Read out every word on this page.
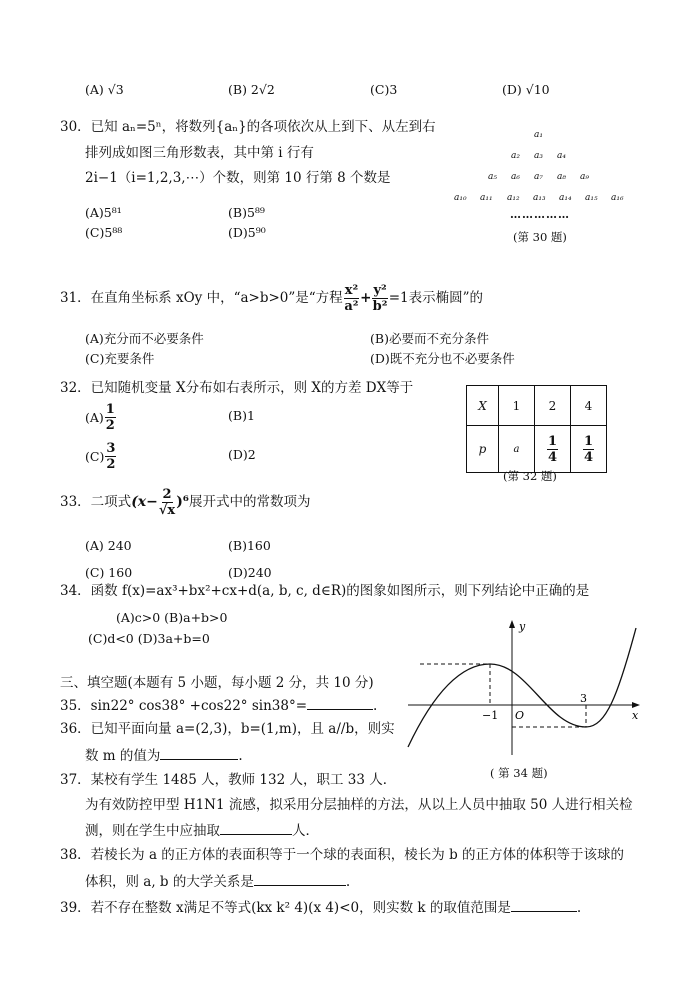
(A) √3	(B) 2√2	(C)3	(D) √10
30．已知 aₙ=5ⁿ，将数列{aₙ}的各项依次从上到下、从左到右
排列成如图三角形数表，其中第 i 行有
2i−1（i=1,2,3,⋯）个数，则第 10 行第 8 个数是
(A)5⁸¹	(B)5⁸⁹
(C)5⁸⁸	(D)5⁹⁰
a₁
a₂ a₃ a₄
a₅ a₆ a₇ a₈ a₉
a₁₀ a₁₁ a₁₂ a₁₃ a₁₄ a₁₅ a₁₆
……………
(第 30 题)
31．在直角坐标系 xOy 中，“a>b>0”是“方程 $\frac{\text{x²}}{\text{a²}} + \frac{\text{y²}}{\text{b²}} =1$表示椭圆”的
(A)充分而不必要条件	(B)必要而不充分条件
(C)充要条件	(D)既不充分也不必要条件
32．已知随机变量 X分布如右表所示，则 X的方差 DX等于
$(A) \frac{1}{2}$	(B)1
$(C) \frac{3}{2}$	(D)2
X	1	2	4
p	a	$\frac{1}{4}$	$\frac{1}{4}$
(第 32 题)
33．二项式 $(x- \frac{2}{√x} )^6$ 展开式中的常数项为
(A) 240	(B)160
(C) 160	(D)240
34．函数 f(x)=ax³+bx²+cx+d(a, b, c, d∈R)的图象如图所示，则下列结论中正确的是
(A)c>0 (B)a+b>0
(C)d<0 (D)3a+b=0
y
x
O
−1
3
( 第 34 题)
三、填空题(本题有 5 小题，每小题 2 分，共 10 分)
35．sin22° cos38° +cos22° sin38°=	.
36．已知平面向量 a=(2,3)，b=(1,m)，且 a//b，则实
数 m 的值为	.
37．某校有学生 1485 人，教师 132 人，职工 33 人．
为有效防控甲型 H1N1 流感，拟采用分层抽样的方法，从以上人员中抽取 50 人进行相关检
测，则在学生中应抽取	人．
38．若棱长为 a 的正方体的表面积等于一个球的表面积，棱长为 b 的正方体的体积等于该球的
体积，则 a, b 的大学关系是	.
39．若不存在整数 x满足不等式(kx k² 4)(x 4)<0，则实数 k 的取值范围是	.
